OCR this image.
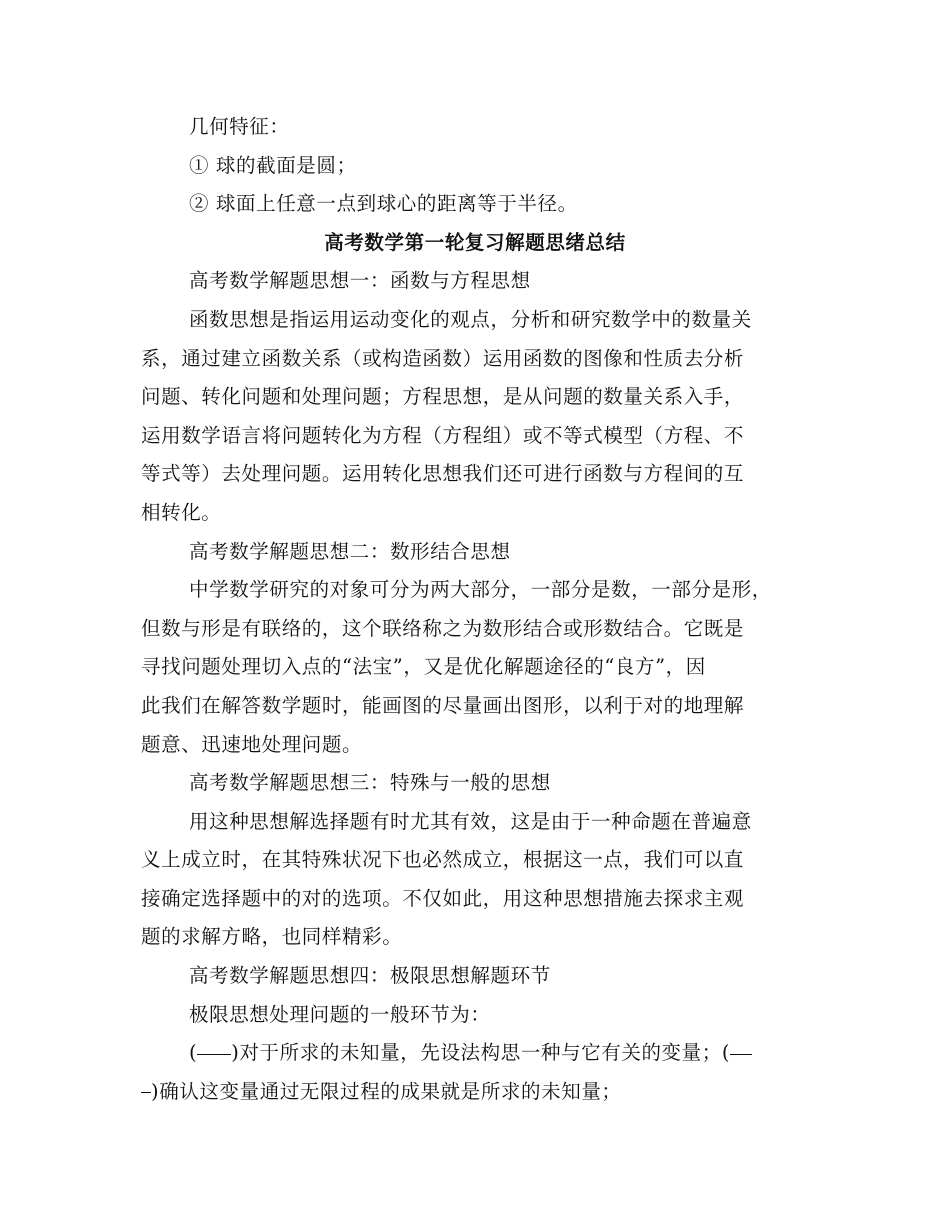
几何特征：

① 球的截面是圆；

② 球面上任意一点到球心的距离等于半径。

高考数学第一轮复习解题思绪总结

高考数学解题思想一：函数与方程思想

函数思想是指运用运动变化的观点，分析和研究数学中的数量关

系，通过建立函数关系（或构造函数）运用函数的图像和性质去分析

问题、转化问题和处理问题；方程思想，是从问题的数量关系入手，

运用数学语言将问题转化为方程（方程组）或不等式模型（方程、不

等式等）去处理问题。运用转化思想我们还可进行函数与方程间的互

相转化。

高考数学解题思想二：数形结合思想

中学数学研究的对象可分为两大部分，一部分是数，一部分是形，

但数与形是有联络的，这个联络称之为数形结合或形数结合。它既是

寻找问题处理切入点的“法宝”，又是优化解题途径的“良方”，因

此我们在解答数学题时，能画图的尽量画出图形，以利于对的地理解

题意、迅速地处理问题。

高考数学解题思想三：特殊与一般的思想

用这种思想解选择题有时尤其有效，这是由于一种命题在普遍意

义上成立时，在其特殊状况下也必然成立，根据这一点，我们可以直

接确定选择题中的对的选项。不仅如此，用这种思想措施去探求主观

题的求解方略，也同样精彩。

高考数学解题思想四：极限思想解题环节

极限思想处理问题的一般环节为：

( )对于所求的未知量，先设法构思一种与它有关的变量；(

)确认这变量通过无限过程的成果就是所求的未知量；
